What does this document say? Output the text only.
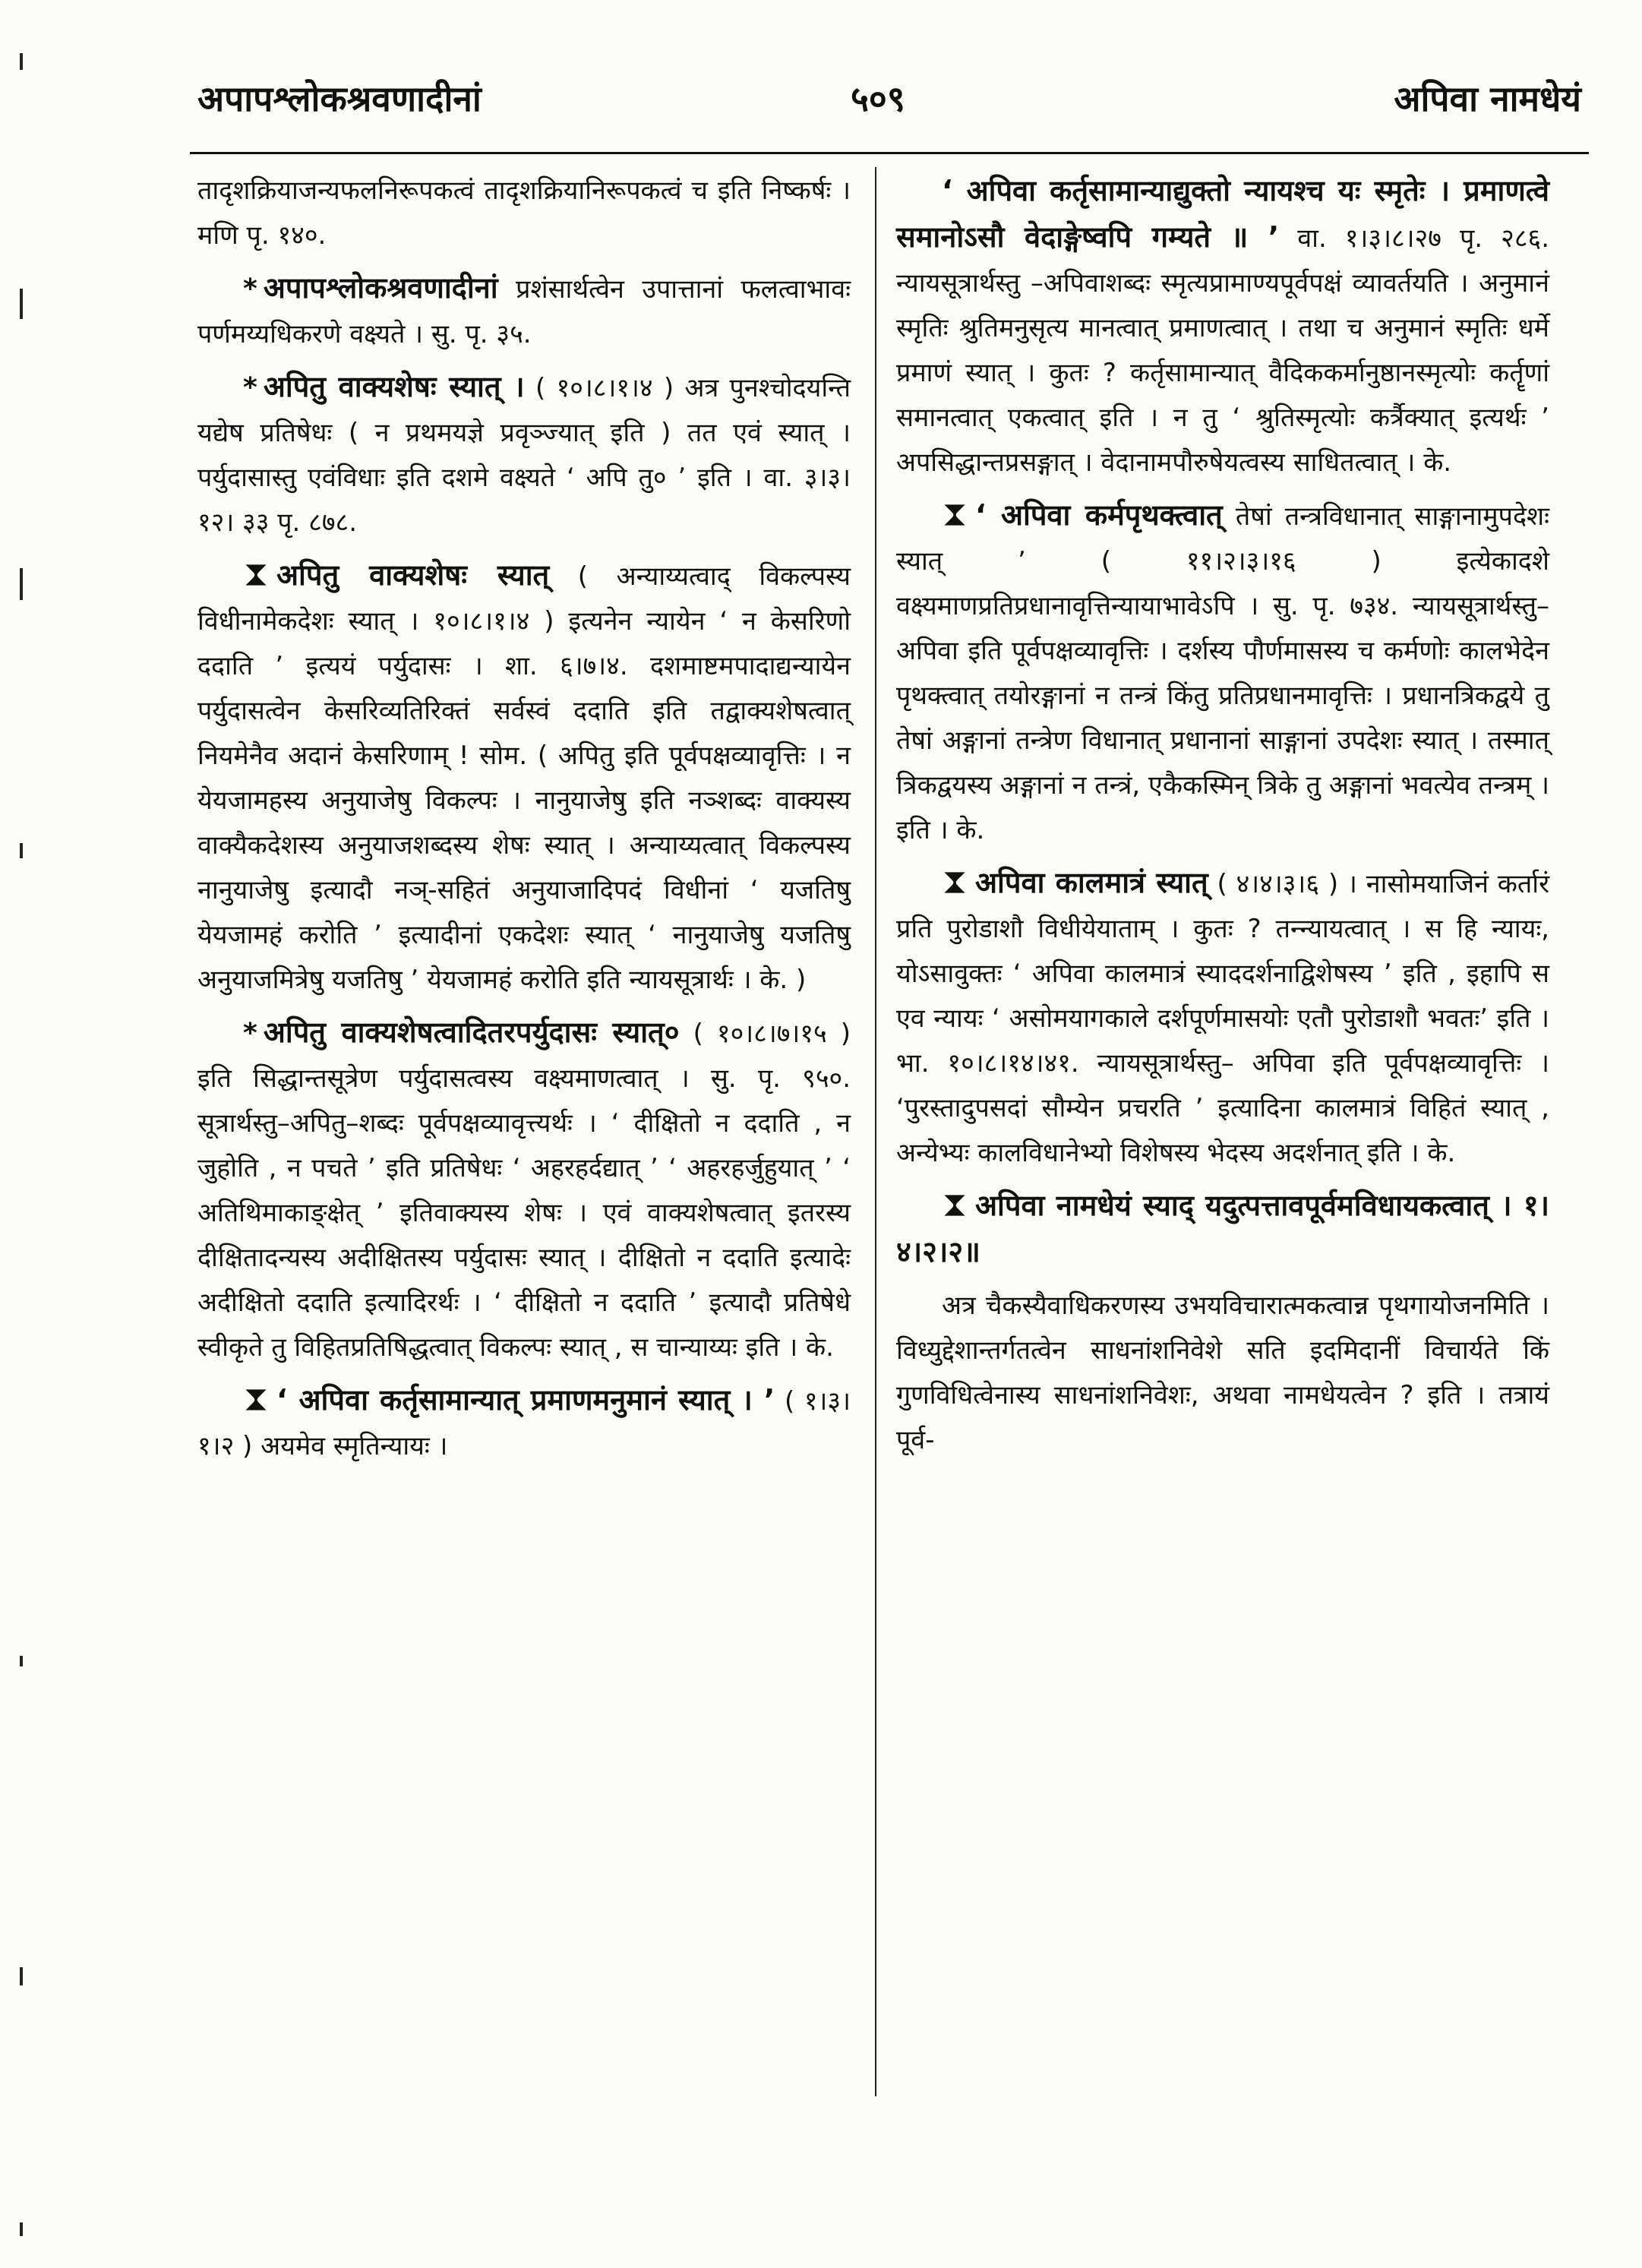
अपापश्लोकश्रवणादीनां	५०९	अपिवा नामधेयं
तादृशक्रियाजन्यफलनिरूपकत्वं तादृशक्रियानिरूपकत्वं च इति निष्कर्षः । मणि पृ. १४०.
* अपापश्लोकश्रवणादीनां प्रशंसार्थत्वेन उपात्तानां फलत्वाभावः पर्णमय्यधिकरणे वक्ष्यते । सु. पृ. ३५.
* अपितु वाक्यशेषः स्यात् । ( १०।८।१।४ ) अत्र पुनश्चोदयन्ति यद्येष प्रतिषेधः ( न प्रथमयज्ञे प्रवृञ्ज्यात् इति ) तत एवं स्यात् । पर्युदासास्तु एवंविधाः इति दशमे वक्ष्यते ‘ अपि तु० ’ इति । वा. ३।३। १२। ३३ पृ. ८७८.
अपितु वाक्यशेषः स्यात् ( अन्याय्यत्वाद् विकल्पस्य विधीनामेकदेशः स्यात् । १०।८।१।४ ) इत्यनेन न्यायेन ‘ न केसरिणो ददाति ’ इत्ययं पर्युदासः । शा. ६।७।४. दशमाष्टमपादाद्यन्यायेन पर्युदासत्वेन केसरिव्यतिरिक्तं सर्वस्वं ददाति इति तद्वाक्यशेषत्वात् नियमेनैव अदानं केसरिणाम् ! सोम. ( अपितु इति पूर्वपक्षव्यावृत्तिः । न येयजामहस्य अनुयाजेषु विकल्पः । नानुयाजेषु इति नञ्शब्दः वाक्यस्य वाक्यैकदेशस्य अनुयाजशब्दस्य शेषः स्यात् । अन्याय्यत्वात् विकल्पस्य नानुयाजेषु इत्यादौ नञ्-सहितं अनुयाजादिपदं विधीनां ‘ यजतिषु येयजामहं करोति ’ इत्यादीनां एकदेशः स्यात् ‘ नानुयाजेषु यजतिषु अनुयाजमित्रेषु यजतिषु ’ येयजामहं करोति इति न्यायसूत्रार्थः । के. )
* अपितु वाक्यशेषत्वादितरपर्युदासः स्यात्० ( १०।८।७।१५ ) इति सिद्धान्तसूत्रेण पर्युदासत्वस्य वक्ष्यमाणत्वात् । सु. पृ. ९५०. सूत्रार्थस्तु–अपितु–शब्दः पूर्वपक्षव्यावृत्त्यर्थः । ‘ दीक्षितो न ददाति , न जुहोति , न पचते ’ इति प्रतिषेधः ‘ अहरहर्दद्यात् ’ ‘ अहरहर्जुहुयात् ’ ‘ अतिथिमाकाङ्क्षेत् ’ इतिवाक्यस्य शेषः । एवं वाक्यशेषत्वात् इतरस्य दीक्षितादन्यस्य अदीक्षितस्य पर्युदासः स्यात् । दीक्षितो न ददाति इत्यादेः अदीक्षितो ददाति इत्यादिरर्थः । ‘ दीक्षितो न ददाति ’ इत्यादौ प्रतिषेधे स्वीकृते तु विहितप्रतिषिद्धत्वात् विकल्पः स्यात् , स चान्याय्यः इति । के.
‘ अपिवा कर्तृसामान्यात् प्रमाणमनुमानं स्यात् । ’ ( १।३।१।२ ) अयमेव स्मृतिन्यायः ।
‘ अपिवा कर्तृसामान्याद्युक्तो न्यायश्च यः स्मृतेः । प्रमाणत्वे समानोऽसौ वेदाङ्गेष्वपि गम्यते ॥ ’ वा. १।३।८।२७ पृ. २८६. न्यायसूत्रार्थस्तु –अपिवाशब्दः स्मृत्यप्रामाण्यपूर्वपक्षं व्यावर्तयति । अनुमानं स्मृतिः श्रुतिमनुसृत्य मानत्वात् प्रमाणत्वात् । तथा च अनुमानं स्मृतिः धर्मे प्रमाणं स्यात् । कुतः ? कर्तृसामान्यात् वैदिककर्मानुष्ठानस्मृत्योः कर्तॄणां समानत्वात् एकत्वात् इति । न तु ‘ श्रुतिस्मृत्योः कर्त्रैक्यात् इत्यर्थः ’ अपसिद्धान्तप्रसङ्गात् । वेदानामपौरुषेयत्वस्य साधितत्वात् । के.
‘ अपिवा कर्मपृथक्त्वात् तेषां तन्त्रविधानात् साङ्गानामुपदेशः स्यात् ’ ( ११।२।३।१६ ) इत्येकादशे वक्ष्यमाणप्रतिप्रधानावृत्तिन्यायाभावेऽपि । सु. पृ. ७३४. न्यायसूत्रार्थस्तु– अपिवा इति पूर्वपक्षव्यावृत्तिः । दर्शस्य पौर्णमासस्य च कर्मणोः कालभेदेन पृथक्त्वात् तयोरङ्गानां न तन्त्रं किंतु प्रतिप्रधानमावृत्तिः । प्रधानत्रिकद्वये तु तेषां अङ्गानां तन्त्रेण विधानात् प्रधानानां साङ्गानां उपदेशः स्यात् । तस्मात् त्रिकद्वयस्य अङ्गानां न तन्त्रं, एकैकस्मिन् त्रिके तु अङ्गानां भवत्येव तन्त्रम् । इति । के.
अपिवा कालमात्रं स्यात् ( ४।४।३।६ ) । नासोमयाजिनं कर्तारं प्रति पुरोडाशौ विधीयेयाताम् । कुतः ? तन्न्यायत्वात् । स हि न्यायः, योऽसावुक्तः ‘ अपिवा कालमात्रं स्याददर्शनाद्विशेषस्य ’ इति , इहापि स एव न्यायः ‘ असोमयागकाले दर्शपूर्णमासयोः एतौ पुरोडाशौ भवतः’ इति । भा. १०।८।१४।४१. न्यायसूत्रार्थस्तु– अपिवा इति पूर्वपक्षव्यावृत्तिः । ‘पुरस्तादुपसदां सौम्येन प्रचरति ’ इत्यादिना कालमात्रं विहितं स्यात् , अन्येभ्यः कालविधानेभ्यो विशेषस्य भेदस्य अदर्शनात् इति । के.
अपिवा नामधेयं स्याद् यदुत्पत्तावपूर्वमविधायकत्वात् । १।४।२।२॥
अत्र चैकस्यैवाधिकरणस्य उभयविचारात्मकत्वान्न पृथगायोजनमिति । विध्युद्देशान्तर्गतत्वेन साधनांशनिवेशे सति इदमिदानीं विचार्यते किं गुणविधित्वेनास्य साधनांशनिवेशः, अथवा नामधेयत्वेन ? इति । तत्रायं पूर्व-
